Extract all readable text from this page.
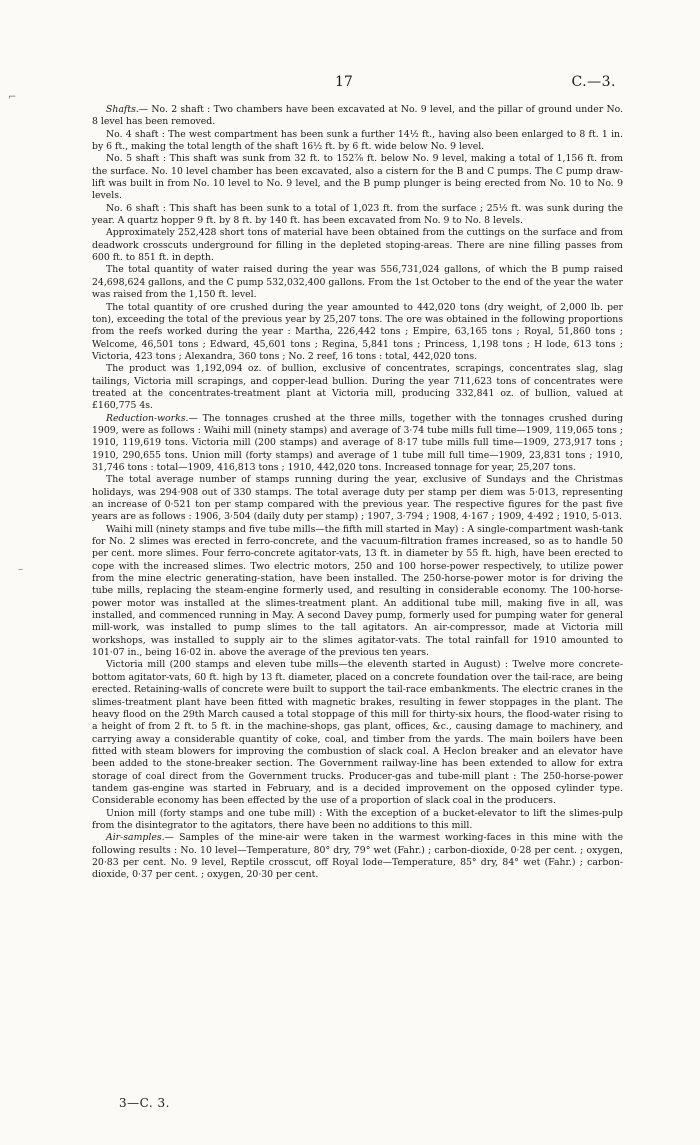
⌐
–
17	C.—3.

Shafts.— No. 2 shaft : Two chambers have been excavated at No. 9 level, and the pillar of ground under No. 8 level has been removed.

No. 4 shaft : The west compartment has been sunk a further 14½ ft., having also been enlarged to 8 ft. 1 in. by 6 ft., making the total length of the shaft 16½ ft. by 6 ft. wide below No. 9 level.

No. 5 shaft : This shaft was sunk from 32 ft. to 152⅞ ft. below No. 9 level, making a total of 1,156 ft. from the surface. No. 10 level chamber has been excavated, also a cistern for the B and C pumps. The C pump draw-lift was built in from No. 10 level to No. 9 level, and the B pump plunger is being erected from No. 10 to No. 9 levels.

No. 6 shaft : This shaft has been sunk to a total of 1,023 ft. from the surface ; 25½ ft. was sunk during the year. A quartz hopper 9 ft. by 8 ft. by 140 ft. has been excavated from No. 9 to No. 8 levels.

Approximately 252,428 short tons of material have been obtained from the cuttings on the surface and from deadwork crosscuts underground for filling in the depleted stoping-areas. There are nine filling passes from 600 ft. to 851 ft. in depth.

The total quantity of water raised during the year was 556,731,024 gallons, of which the B pump raised 24,698,624 gallons, and the C pump 532,032,400 gallons. From the 1st October to the end of the year the water was raised from the 1,150 ft. level.

The total quantity of ore crushed during the year amounted to 442,020 tons (dry weight, of 2,000 lb. per ton), exceeding the total of the previous year by 25,207 tons. The ore was obtained in the following proportions from the reefs worked during the year : Martha, 226,442 tons ; Empire, 63,165 tons ; Royal, 51,860 tons ; Welcome, 46,501 tons ; Edward, 45,601 tons ; Regina, 5,841 tons ; Princess, 1,198 tons ; H lode, 613 tons ; Victoria, 423 tons ; Alexandra, 360 tons ; No. 2 reef, 16 tons : total, 442,020 tons.

The product was 1,192,094 oz. of bullion, exclusive of concentrates, scrapings, concentrates slag, slag tailings, Victoria mill scrapings, and copper-lead bullion. During the year 711,623 tons of concentrates were treated at the concentrates-treatment plant at Victoria mill, producing 332,841 oz. of bullion, valued at £160,775 4s.

Reduction-works.— The tonnages crushed at the three mills, together with the tonnages crushed during 1909, were as follows : Waihi mill (ninety stamps) and average of 3·74 tube mills full time—1909, 119,065 tons ; 1910, 119,619 tons. Victoria mill (200 stamps) and average of 8·17 tube mills full time—1909, 273,917 tons ; 1910, 290,655 tons. Union mill (forty stamps) and average of 1 tube mill full time—1909, 23,831 tons ; 1910, 31,746 tons : total—1909, 416,813 tons ; 1910, 442,020 tons. Increased tonnage for year, 25,207 tons.

The total average number of stamps running during the year, exclusive of Sundays and the Christmas holidays, was 294·908 out of 330 stamps. The total average duty per stamp per diem was 5·013, representing an increase of 0·521 ton per stamp compared with the previous year. The respective figures for the past five years are as follows : 1906, 3·504 (daily duty per stamp) ; 1907, 3·794 ; 1908, 4·167 ; 1909, 4·492 ; 1910, 5·013.

Waihi mill (ninety stamps and five tube mills—the fifth mill started in May) : A single-compartment wash-tank for No. 2 slimes was erected in ferro-concrete, and the vacuum-filtration frames increased, so as to handle 50 per cent. more slimes. Four ferro-concrete agitator-vats, 13 ft. in diameter by 55 ft. high, have been erected to cope with the increased slimes. Two electric motors, 250 and 100 horse-power respectively, to utilize power from the mine electric generating-station, have been installed. The 250-horse-power motor is for driving the tube mills, replacing the steam-engine formerly used, and resulting in considerable economy. The 100-horse-power motor was installed at the slimes-treatment plant. An additional tube mill, making five in all, was installed, and commenced running in May. A second Davey pump, formerly used for pumping water for general mill-work, was installed to pump slimes to the tall agitators. An air-compressor, made at Victoria mill workshops, was installed to supply air to the slimes agitator-vats. The total rainfall for 1910 amounted to 101·07 in., being 16·02 in. above the average of the previous ten years.

Victoria mill (200 stamps and eleven tube mills—the eleventh started in August) : Twelve more concrete-bottom agitator-vats, 60 ft. high by 13 ft. diameter, placed on a concrete foundation over the tail-race, are being erected. Retaining-walls of concrete were built to support the tail-race embankments. The electric cranes in the slimes-treatment plant have been fitted with magnetic brakes, resulting in fewer stoppages in the plant. The heavy flood on the 29th March caused a total stoppage of this mill for thirty-six hours, the flood-water rising to a height of from 2 ft. to 5 ft. in the machine-shops, gas plant, offices, &c., causing damage to machinery, and carrying away a considerable quantity of coke, coal, and timber from the yards. The main boilers have been fitted with steam blowers for improving the combustion of slack coal. A Heclon breaker and an elevator have been added to the stone-breaker section. The Government railway-line has been extended to allow for extra storage of coal direct from the Government trucks. Producer-gas and tube-mill plant : The 250-horse-power tandem gas-engine was started in February, and is a decided improvement on the opposed cylinder type. Considerable economy has been effected by the use of a proportion of slack coal in the producers.

Union mill (forty stamps and one tube mill) : With the exception of a bucket-elevator to lift the slimes-pulp from the disintegrator to the agitators, there have been no additions to this mill.

Air-samples.— Samples of the mine-air were taken in the warmest working-faces in this mine with the following results : No. 10 level—Temperature, 80° dry, 79° wet (Fahr.) ; carbon-dioxide, 0·28 per cent. ; oxygen, 20·83 per cent. No. 9 level, Reptile crosscut, off Royal lode—Temperature, 85° dry, 84° wet (Fahr.) ; carbon-dioxide, 0·37 per cent. ; oxygen, 20·30 per cent.

3—C. 3.
